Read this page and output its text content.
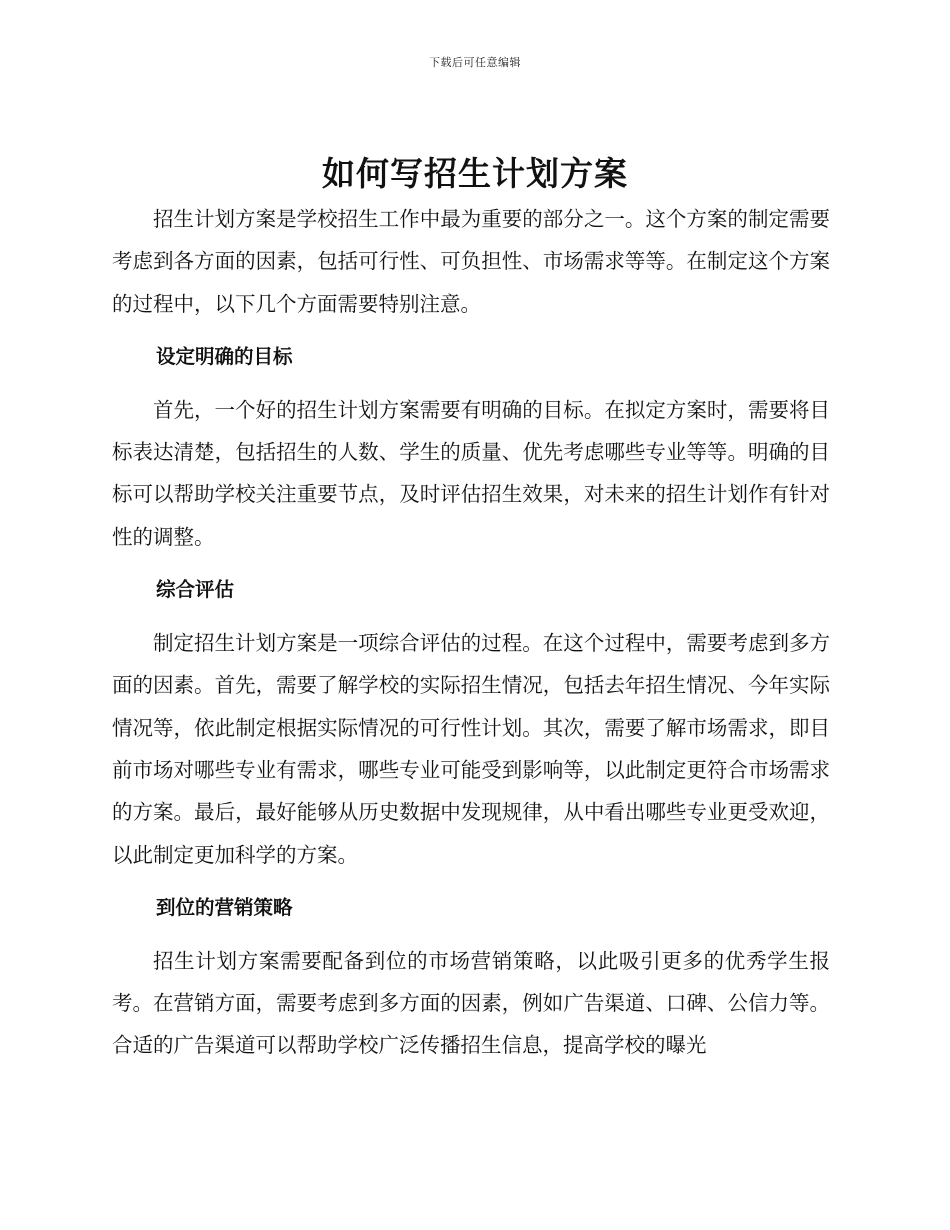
下载后可任意编辑
如何写招生计划方案

招生计划方案是学校招生工作中最为重要的部分之一。这个方案的制定需要考虑到各方面的因素，包括可行性、可负担性、市场需求等等。在制定这个方案的过程中，以下几个方面需要特别注意。

设定明确的目标

首先，一个好的招生计划方案需要有明确的目标。在拟定方案时，需要将目标表达清楚，包括招生的人数、学生的质量、优先考虑哪些专业等等。明确的目标可以帮助学校关注重要节点，及时评估招生效果，对未来的招生计划作有针对性的调整。

综合评估

制定招生计划方案是一项综合评估的过程。在这个过程中，需要考虑到多方面的因素。首先，需要了解学校的实际招生情况，包括去年招生情况、今年实际情况等，依此制定根据实际情况的可行性计划。其次，需要了解市场需求，即目前市场对哪些专业有需求，哪些专业可能受到影响等，以此制定更符合市场需求的方案。最后，最好能够从历史数据中发现规律，从中看出哪些专业更受欢迎，以此制定更加科学的方案。

到位的营销策略

招生计划方案需要配备到位的市场营销策略，以此吸引更多的优秀学生报考。在营销方面，需要考虑到多方面的因素，例如广告渠道、口碑、公信力等。合适的广告渠道可以帮助学校广泛传播招生信息，提高学校的曝光
